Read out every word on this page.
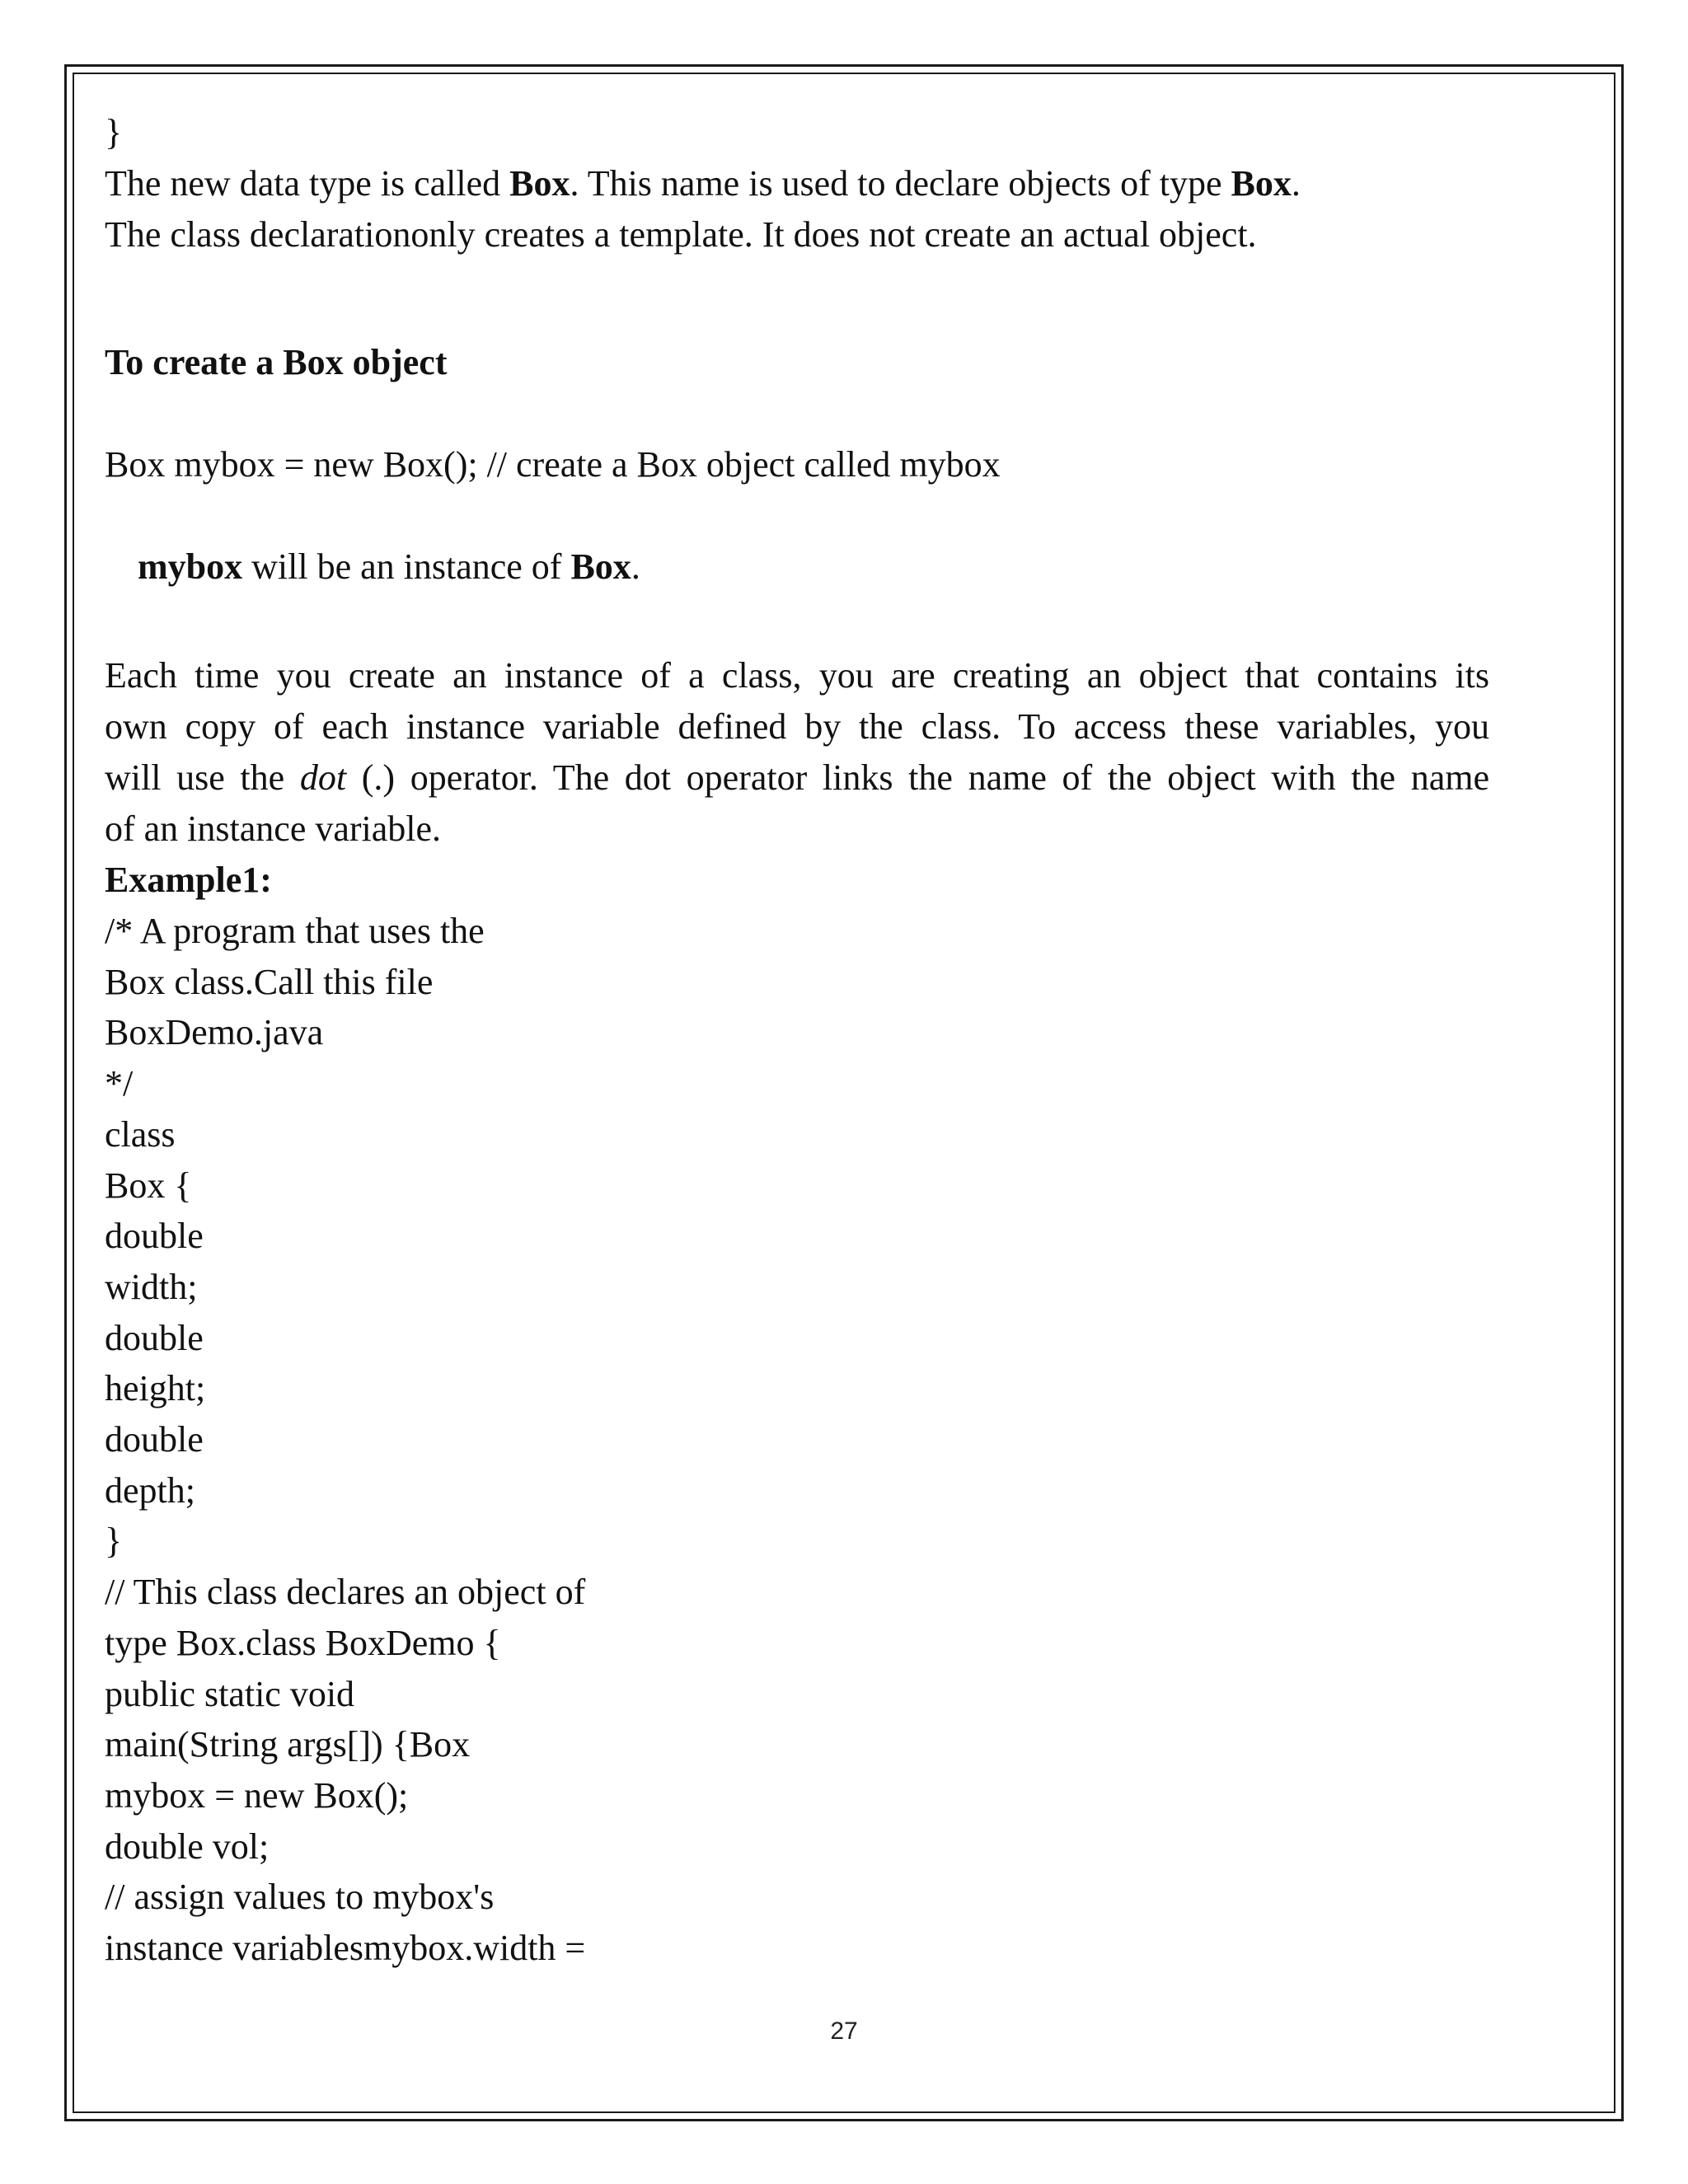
}
The new data type is called Box. This name is used to declare objects of type Box.
The class declarationonly creates a template. It does not create an actual object.
To create a Box object
Box mybox = new Box(); // create a Box object called mybox
mybox will be an instance of Box.
Each time you create an instance of a class, you are creating an object that contains its
own copy of each instance variable defined by the class. To access these variables, you
will use the dot (.) operator. The dot operator links the name of the object with the name
of an instance variable.
Example1:
/* A program that uses the
Box class.Call this file
BoxDemo.java
*/
class
Box {
double
width;
double
height;
double
depth;
}
// This class declares an object of
type Box.class BoxDemo {
public static void
main(String args[]) {Box
mybox = new Box();
double vol;
// assign values to mybox's
instance variablesmybox.width =
27
